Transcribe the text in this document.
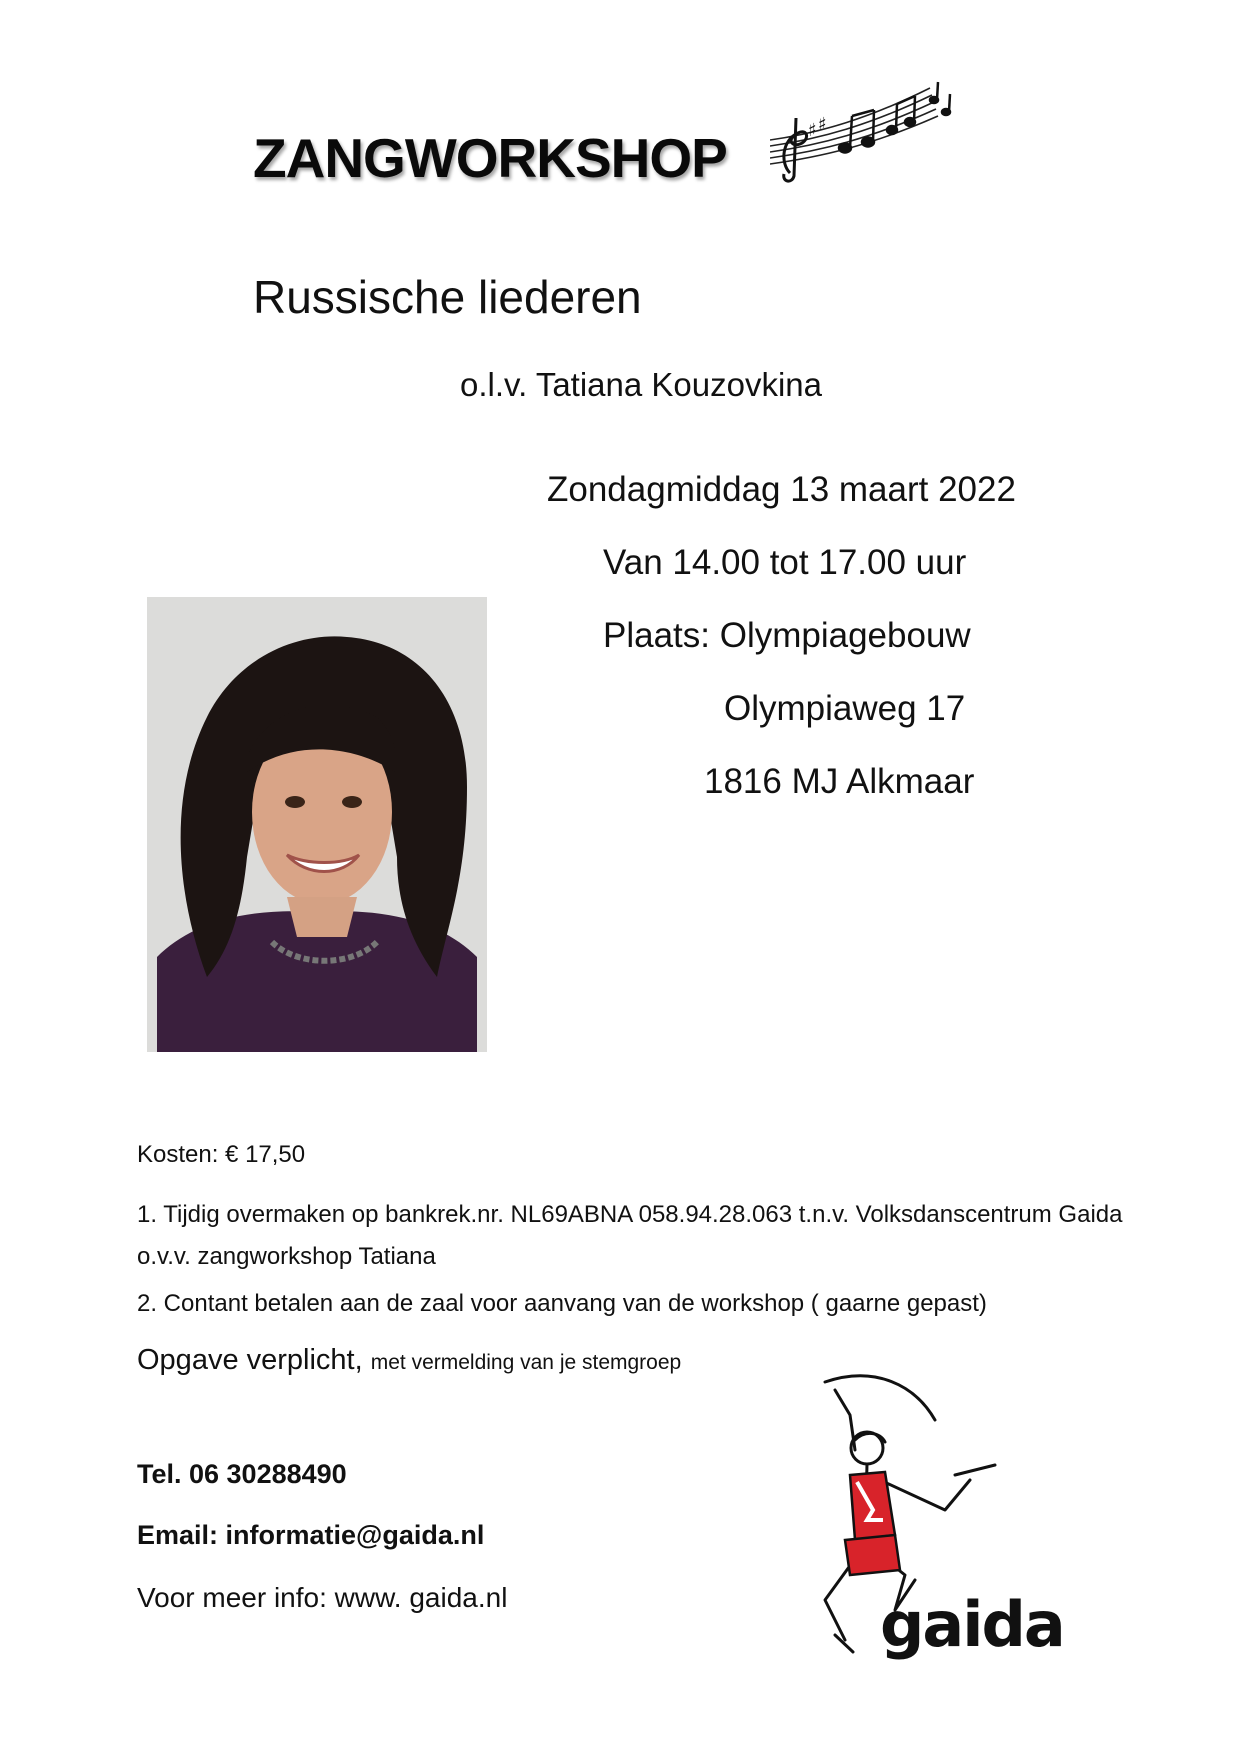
ZANGWORKSHOP	♯ ♯
Russische liederen
o.l.v. Tatiana Kouzovkina
Zondagmiddag 13 maart 2022
Van 14.00 tot 17.00 uur
Plaats: Olympiagebouw
Olympiaweg 17
1816 MJ Alkmaar
Kosten: € 17,50
1. Tijdig overmaken op bankrek.nr. NL69ABNA 058.94.28.063 t.n.v. Volksdanscentrum Gaida o.v.v. zangworkshop Tatiana
2. Contant betalen aan de zaal voor aanvang van de workshop ( gaarne gepast)
Opgave verplicht, met vermelding van je stemgroep
Tel. 06 30288490
Email: informatie@gaida.nl
Voor meer info: www. gaida.nl	gaida
